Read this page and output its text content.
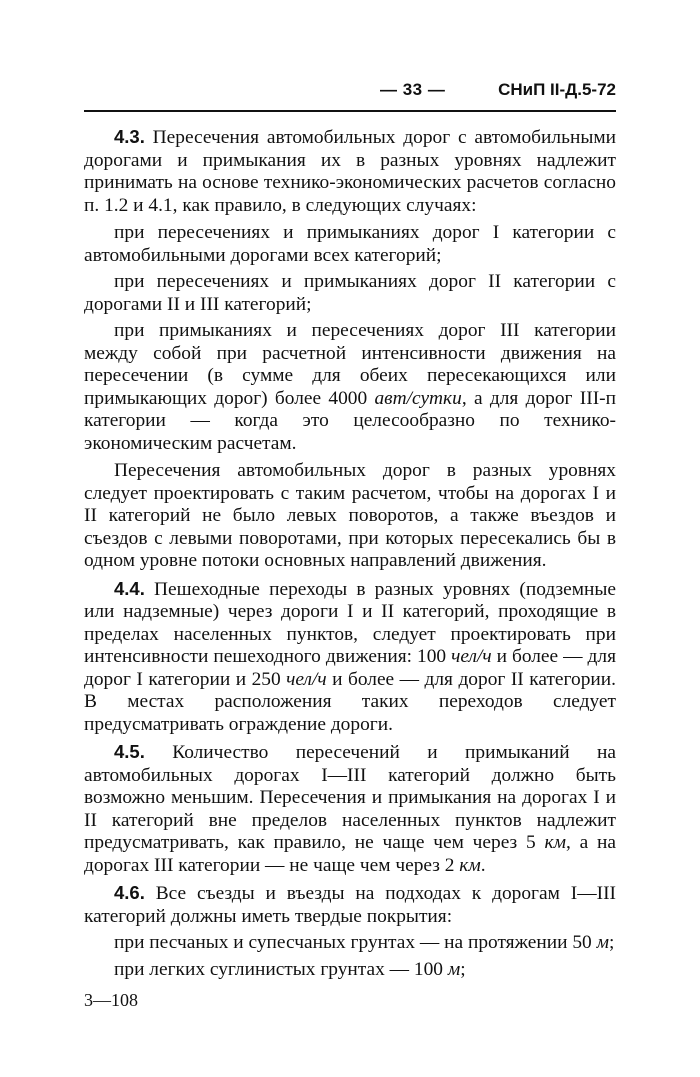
— 33 —	СНиП II-Д.5-72

4.3. Пересечения автомобильных дорог с автомобильными дорогами и примыкания их в разных уровнях надлежит принимать на основе технико-экономических расчетов согласно п. 1.2 и 4.1, как правило, в следующих случаях:

при пересечениях и примыканиях дорог I категории с автомобильными дорогами всех категорий;

при пересечениях и примыканиях дорог II категории с дорогами II и III категорий;

при примыканиях и пересечениях дорог III категории между собой при расчетной интенсивности движения на пересечении (в сумме для обеих пересекающихся или примыкающих дорог) более 4000 авт/сутки, а для дорог III-п категории — когда это целесообразно по технико-экономическим расчетам.

Пересечения автомобильных дорог в разных уровнях следует проектировать с таким расчетом, чтобы на дорогах I и II категорий не было левых поворотов, а также въездов и съездов с левыми поворотами, при которых пересекались бы в одном уровне потоки основных направлений движения.

4.4. Пешеходные переходы в разных уровнях (подземные или надземные) через дороги I и II категорий, проходящие в пределах населенных пунктов, следует проектировать при интенсивности пешеходного движения: 100 чел/ч и более — для дорог I категории и 250 чел/ч и более — для дорог II категории. В местах расположения таких переходов следует предусматривать ограждение дороги.

4.5. Количество пересечений и примыканий на автомобильных дорогах I—III категорий должно быть возможно меньшим. Пересечения и примыкания на дорогах I и II категорий вне пределов населенных пунктов надлежит предусматривать, как правило, не чаще чем через 5 км, а на дорогах III категории — не чаще чем через 2 км.

4.6. Все съезды и въезды на подходах к дорогам I—III категорий должны иметь твердые покрытия:

при песчаных и супесчаных грунтах — на протяжении 50 м;

при легких суглинистых грунтах — 100 м;

3—108
